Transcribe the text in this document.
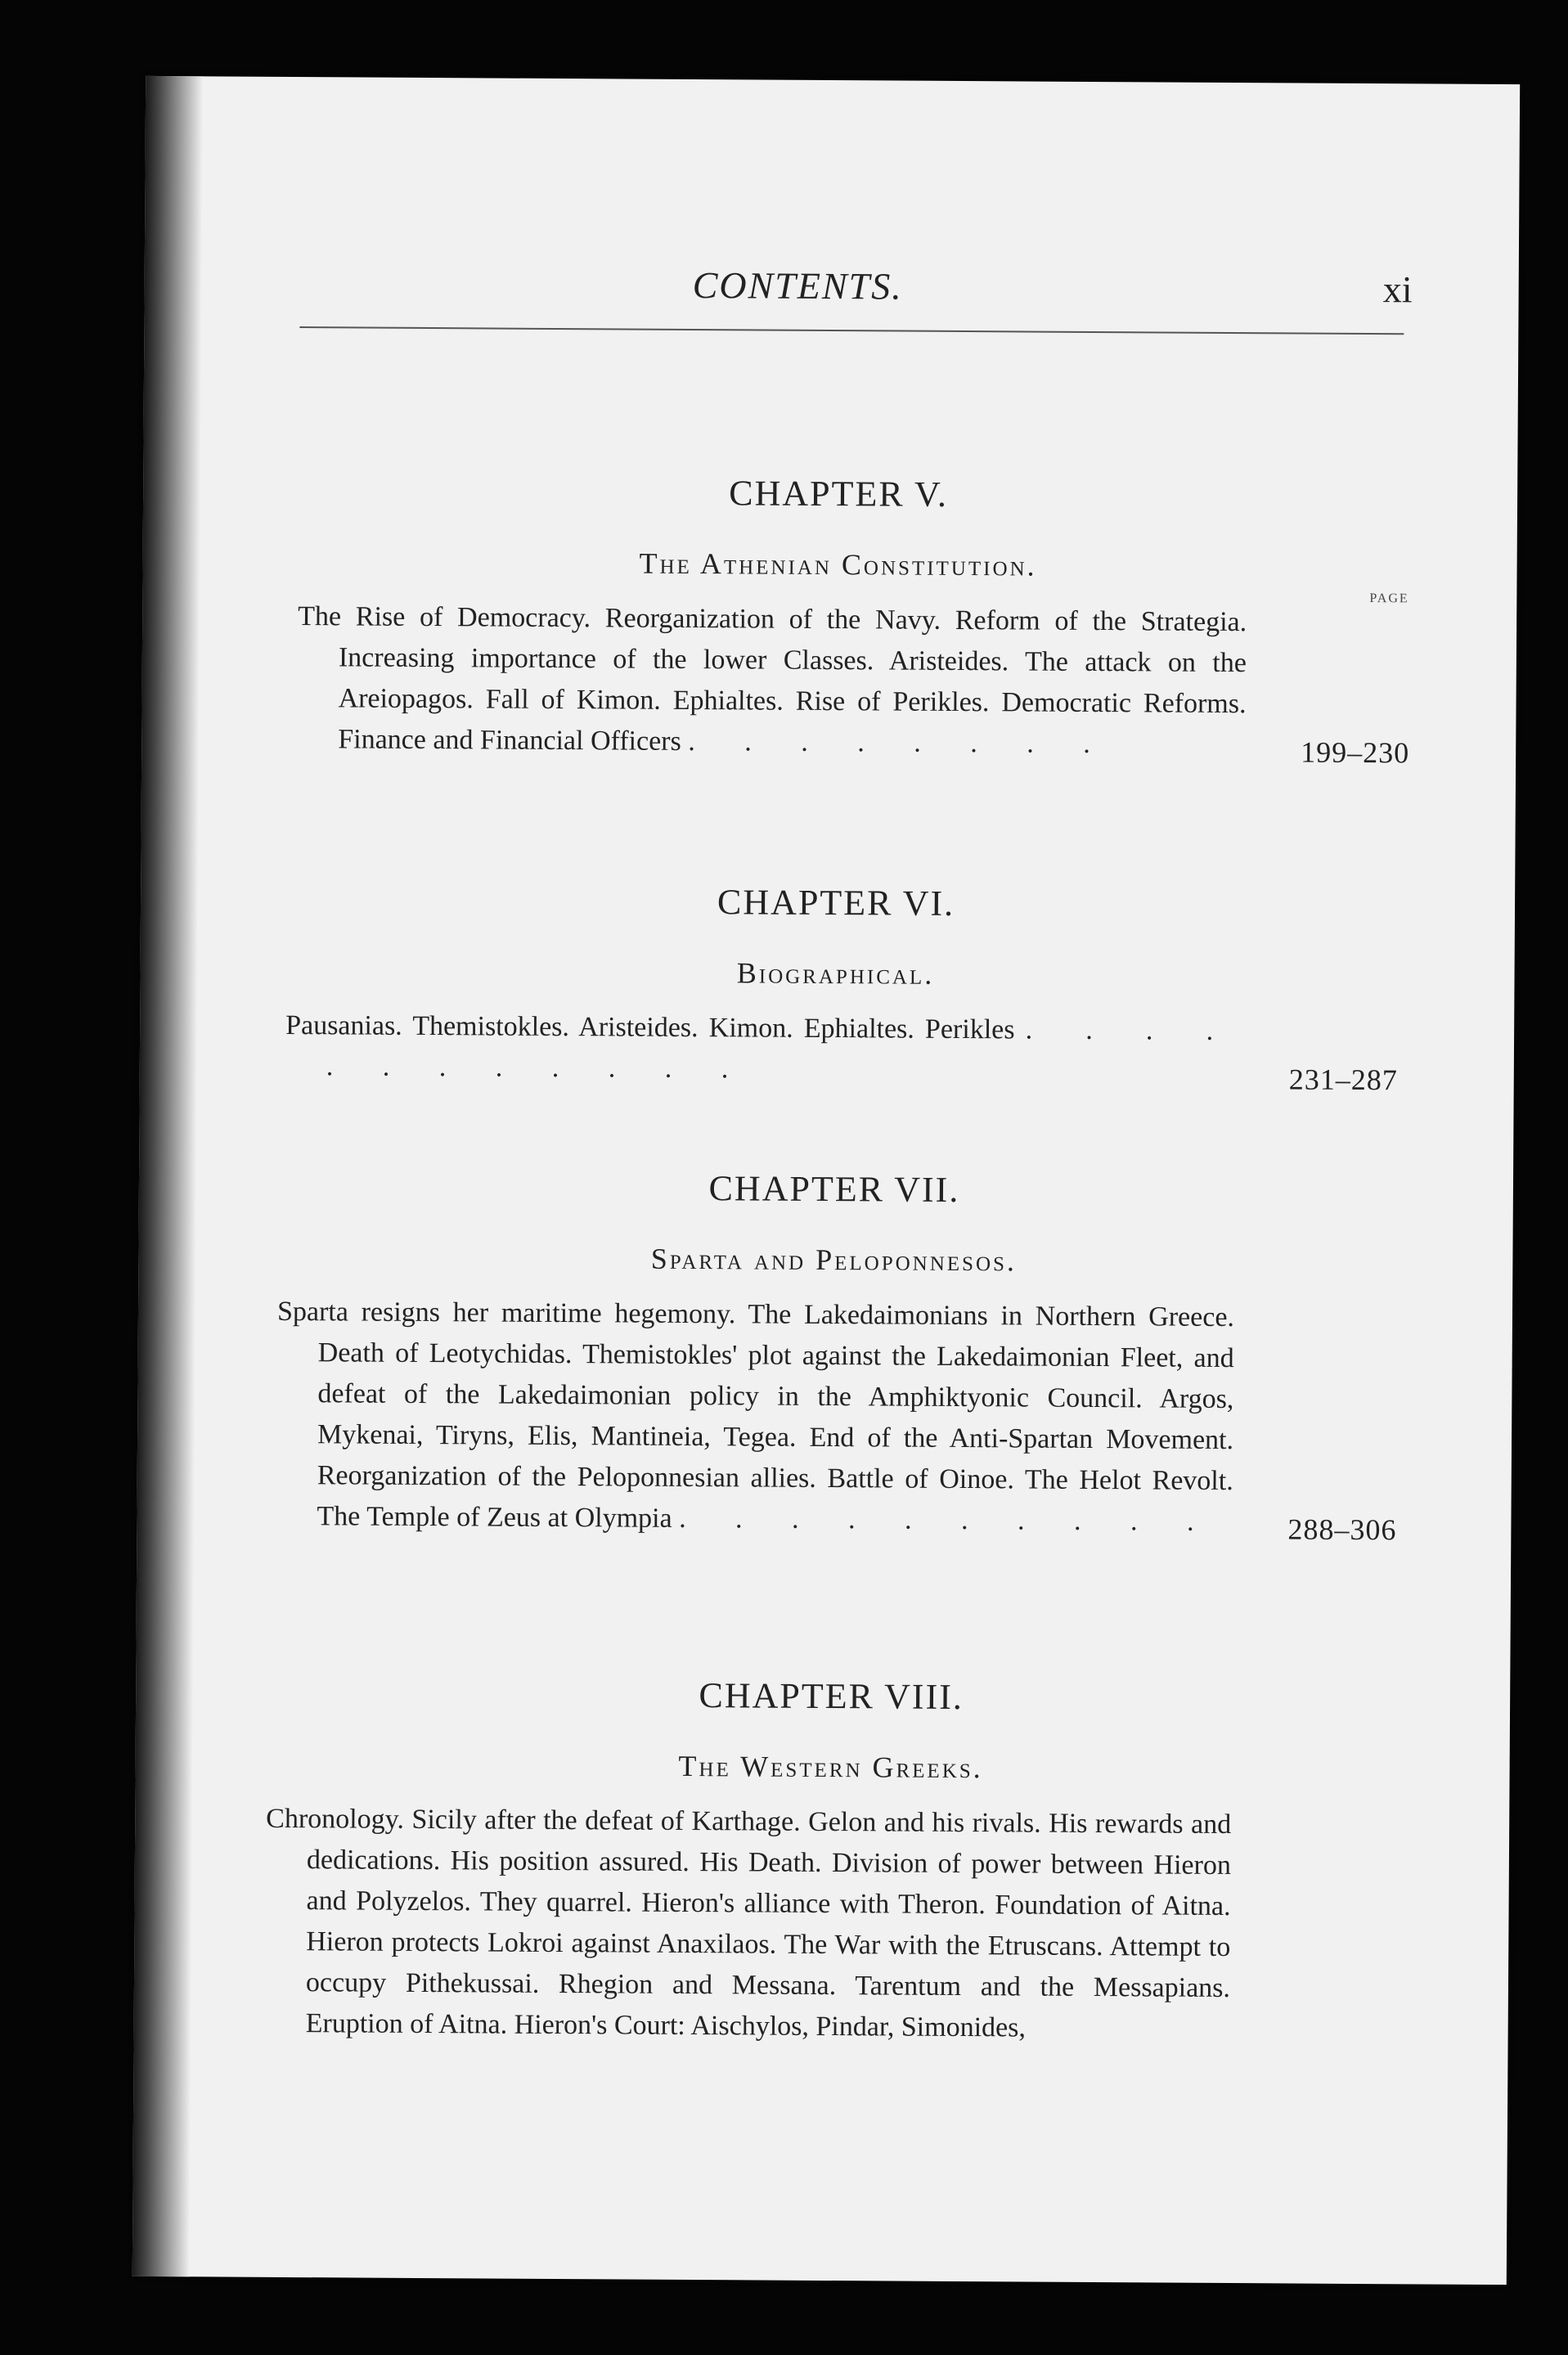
CONTENTS.	xi
CHAPTER V.
The Athenian Constitution.
PAGE
The Rise of Democracy. Reorganization of the Navy. Reform of the Strategia. Increasing importance of the lower Classes. Aristeides. The attack on the Areiopagos. Fall of Kimon. Ephialtes. Rise of Perikles. Democratic Reforms. Finance and Financial Officers . . . . . . . .	199–230
CHAPTER VI.
Biographical.
Pausanias. Themistokles. Aristeides. Kimon. Ephialtes. Perikles . . . . . . . . . . . .	231–287
CHAPTER VII.
Sparta and Peloponnesos.
Sparta resigns her maritime hegemony. The Lakedaimonians in Northern Greece. Death of Leotychidas. Themistokles' plot against the Lakedaimonian Fleet, and defeat of the Lakedaimonian policy in the Amphiktyonic Council. Argos, Mykenai, Tiryns, Elis, Mantineia, Tegea. End of the Anti-Spartan Movement. Reorganization of the Peloponnesian allies. Battle of Oinoe. The Helot Revolt. The Temple of Zeus at Olympia . . . . . . . . . . 288–306
CHAPTER VIII.
The Western Greeks.
Chronology. Sicily after the defeat of Karthage. Gelon and his rivals. His rewards and dedications. His position assured. His Death. Division of power between Hieron and Polyzelos. They quarrel. Hieron's alliance with Theron. Foundation of Aitna. Hieron protects Lokroi against Anaxilaos. The War with the Etruscans. Attempt to occupy Pithekussai. Rhegion and Messana. Tarentum and the Messapians. Eruption of Aitna. Hieron's Court: Aischylos, Pindar, Simonides,
